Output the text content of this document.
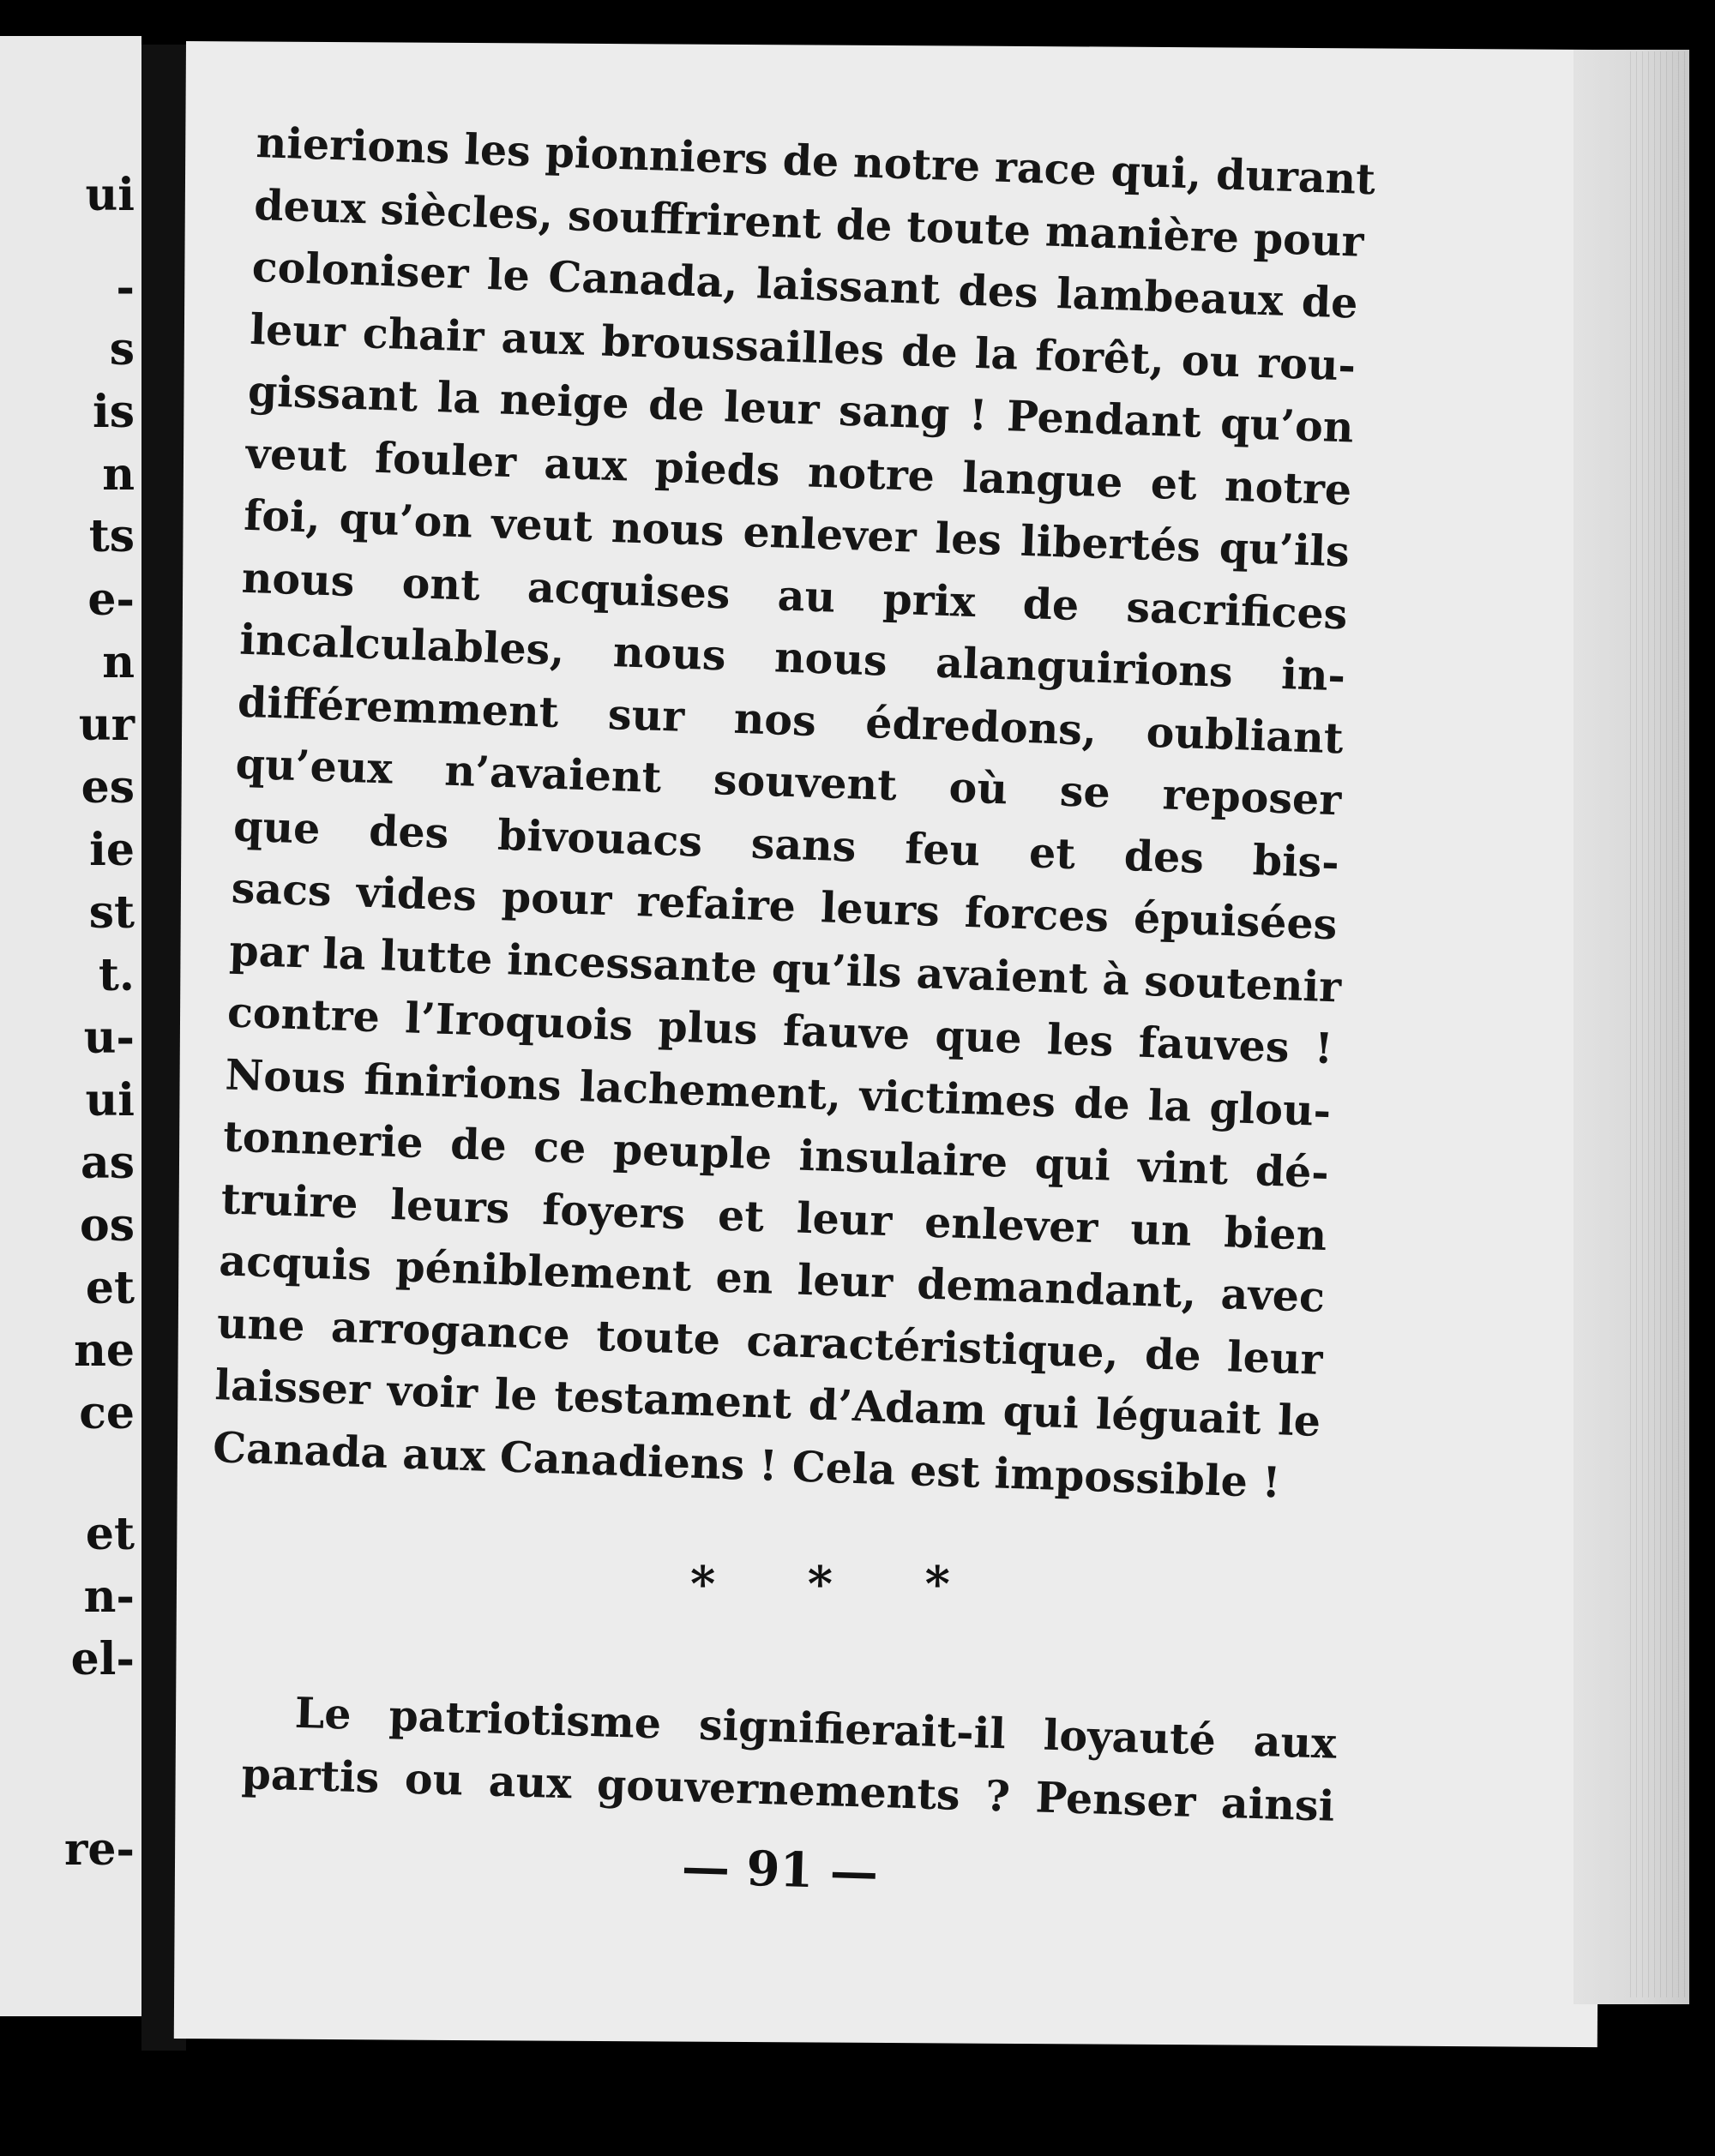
ui
-
s
is
n
ts
e-
n
ur
es
ie
st
t.
u-
ui
as
os
et
ne
ce
et
n-
el-
re-
nierions les pionniers de notre race qui, durant
deux siècles, souffrirent de toute manière pour
coloniser le Canada, laissant des lambeaux de
leur chair aux broussailles de la forêt, ou rou-
gissant la neige de leur sang ! Pendant qu’on
veut fouler aux pieds notre langue et notre
foi, qu’on veut nous enlever les libertés qu’ils
nous ont acquises au prix de sacrifices
incalculables, nous nous alanguirions in-
différemment sur nos édredons, oubliant
qu’eux n’avaient souvent où se reposer
que des bivouacs sans feu et des bis-
sacs vides pour refaire leurs forces épuisées
par la lutte incessante qu’ils avaient à soutenir
contre l’Iroquois plus fauve que les fauves !
Nous finirions lachement, victimes de la glou-
tonnerie de ce peuple insulaire qui vint dé-
truire leurs foyers et leur enlever un bien
acquis péniblement en leur demandant, avec
une arrogance toute caractéristique, de leur
laisser voir le testament d’Adam qui léguait le
Canada aux Canadiens ! Cela est impossible !
* * *
Le patriotisme signifierait-il loyauté aux
partis ou aux gouvernements ? Penser ainsi
— 91 —
